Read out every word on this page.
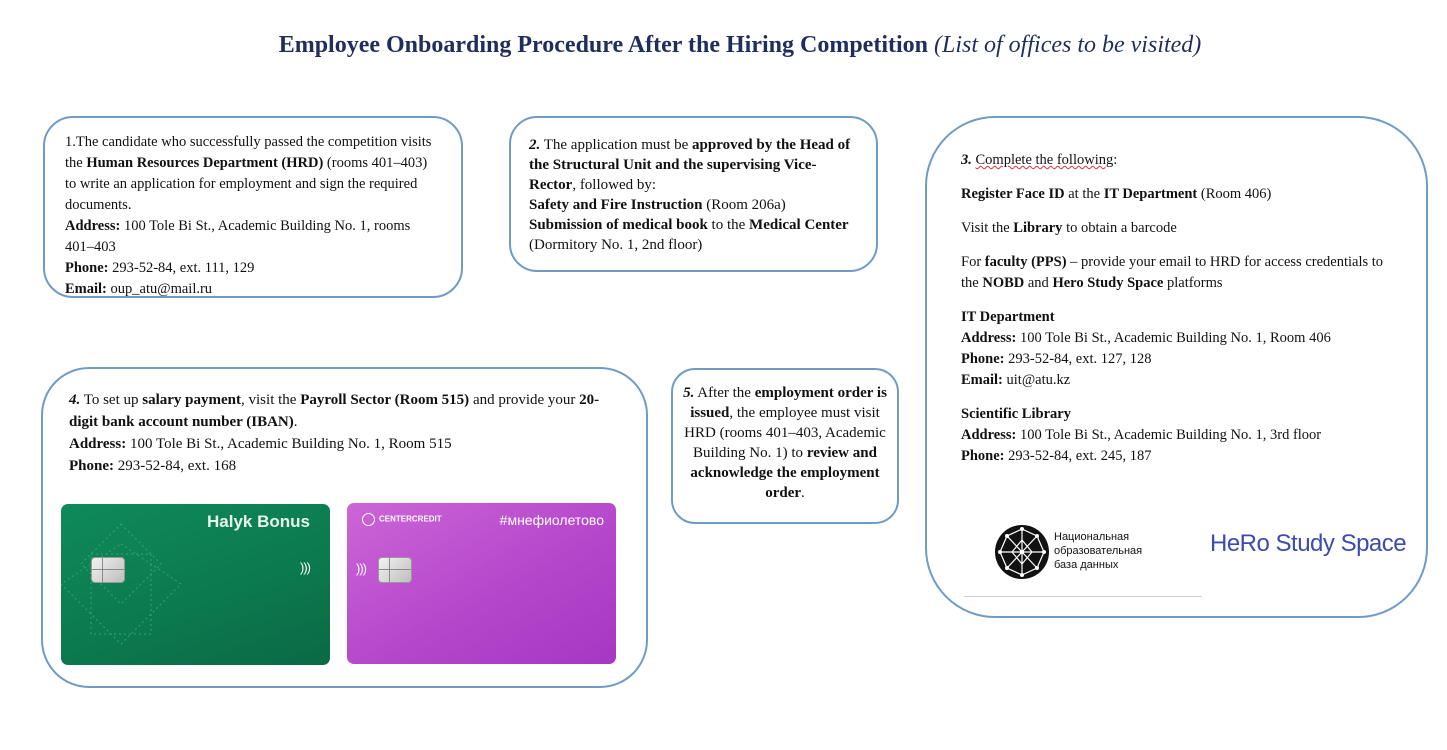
Employee Onboarding Procedure After the Hiring Competition (List of offices to be visited)

1.The candidate who successfully passed the competition visits the Human Resources Department (HRD) (rooms 401–403) to write an application for employment and sign the required documents.

Address: 100 Tole Bi St., Academic Building No. 1, rooms 401–403

Phone: 293-52-84, ext. 111, 129

Email: oup_atu@mail.ru

2. The application must be approved by the Head of the Structural Unit and the supervising Vice-Rector, followed by:

Safety and Fire Instruction (Room 206a)

Submission of medical book to the Medical Center (Dormitory No. 1, 2nd floor)

3. Complete the following:

Register Face ID at the IT Department (Room 406)

Visit the Library to obtain a barcode

For faculty (PPS) – provide your email to HRD for access credentials to the NOBD and Hero Study Space platforms

IT Department

Address: 100 Tole Bi St., Academic Building No. 1, Room 406

Phone: 293-52-84, ext. 127, 128

Email: uit@atu.kz

Scientific Library

Address: 100 Tole Bi St., Academic Building No. 1, 3rd floor

Phone: 293-52-84, ext. 245, 187

Национальная образовательная база данных
HeRo Study Space

4. To set up salary payment, visit the Payroll Sector (Room 515) and provide your 20-digit bank account number (IBAN).

Address: 100 Tole Bi St., Academic Building No. 1, Room 515

Phone: 293-52-84, ext. 168

Halyk Bonus
)))
CENTERCREDIT	#мнефиолетово
)))

5. After the employment order is issued, the employee must visit HRD (rooms 401–403, Academic Building No. 1) to review and acknowledge the employment order.
